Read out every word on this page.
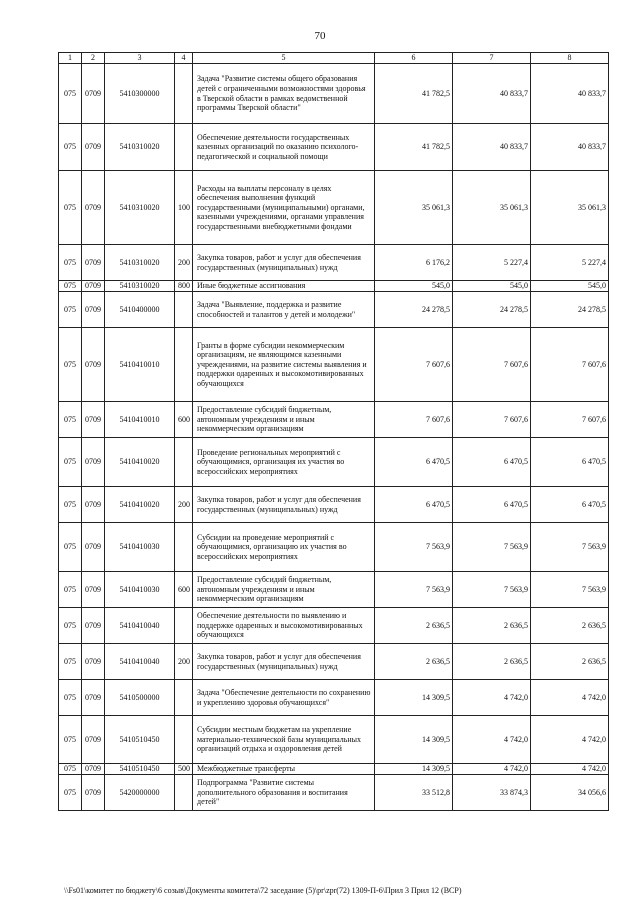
70
1	2	3	4	5	6	7	8
075	0709	5410300000		Задача "Развитие системы общего образования детей с ограниченными возможностями здоровья в Тверской области в рамках ведомственной программы Тверской области"	41 782,5	40 833,7	40 833,7
075	0709	5410310020		Обеспечение деятельности государственных казенных организаций по оказанию психолого-педагогической и социальной помощи	41 782,5	40 833,7	40 833,7
075	0709	5410310020	100	Расходы на выплаты персоналу в целях обеспечения выполнения функций государственными (муниципальными) органами, казенными учреждениями, органами управления государственными внебюджетными фондами	35 061,3	35 061,3	35 061,3
075	0709	5410310020	200	Закупка товаров, работ и услуг для обеспечения государственных (муниципальных) нужд	6 176,2	5 227,4	5 227,4
075	0709	5410310020	800	Иные бюджетные ассигнования	545,0	545,0	545,0
075	0709	5410400000		Задача "Выявление, поддержка и развитие способностей и талантов у детей и молодежи"	24 278,5	24 278,5	24 278,5
075	0709	5410410010		Гранты в форме субсидии некоммерческим организациям, не являющимся казенными учреждениями, на развитие системы выявления и поддержки одаренных и высокомотивированных обучающихся	7 607,6	7 607,6	7 607,6
075	0709	5410410010	600	Предоставление субсидий бюджетным, автономным учреждениям и иным некоммерческим организациям	7 607,6	7 607,6	7 607,6
075	0709	5410410020		Проведение региональных мероприятий с обучающимися, организация их участия во всероссийских мероприятиях	6 470,5	6 470,5	6 470,5
075	0709	5410410020	200	Закупка товаров, работ и услуг для обеспечения государственных (муниципальных) нужд	6 470,5	6 470,5	6 470,5
075	0709	5410410030		Субсидии на проведение мероприятий с обучающимися, организацию их участия во всероссийских мероприятиях	7 563,9	7 563,9	7 563,9
075	0709	5410410030	600	Предоставление субсидий бюджетным, автономным учреждениям и иным некоммерческим организациям	7 563,9	7 563,9	7 563,9
075	0709	5410410040		Обеспечение деятельности по выявлению и поддержке одаренных и высокомотивированных обучающихся	2 636,5	2 636,5	2 636,5
075	0709	5410410040	200	Закупка товаров, работ и услуг для обеспечения государственных (муниципальных) нужд	2 636,5	2 636,5	2 636,5
075	0709	5410500000		Задача "Обеспечение деятельности по сохранению и укреплению здоровья обучающихся"	14 309,5	4 742,0	4 742,0
075	0709	5410510450		Субсидии местным бюджетам на укрепление материально-технической базы муниципальных организаций отдыха и оздоровления детей	14 309,5	4 742,0	4 742,0
075	0709	5410510450	500	Межбюджетные трансферты	14 309,5	4 742,0	4 742,0
075	0709	5420000000		Подпрограмма "Развитие системы дополнительного образования и воспитания детей"	33 512,8	33 874,3	34 056,6
\\Fs01\комитет по бюджету\6 созыв\Документы комитета\72 заседание (5)\pr\zpr(72) 1309-П-6\Прил 3 Прил 12 (ВСР)
